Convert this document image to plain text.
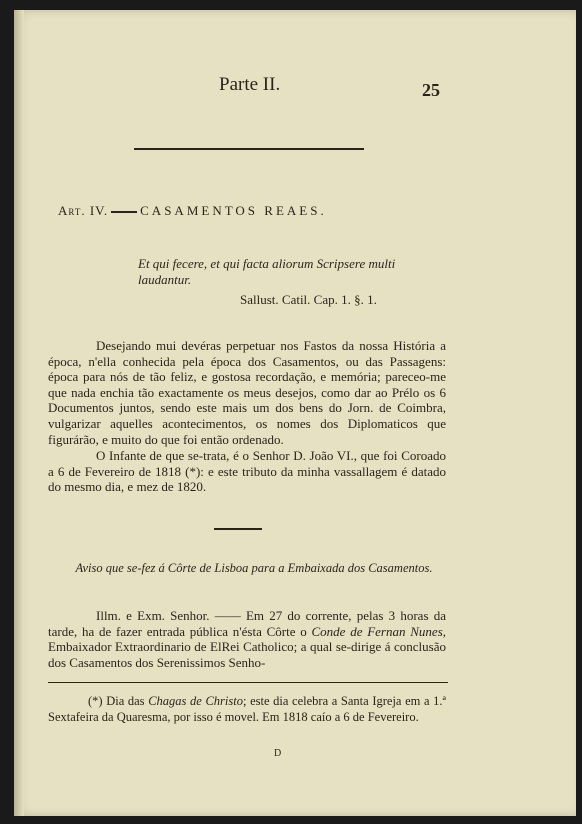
Parte II.	25
Art. IV. CASAMENTOS REAES.
Et qui fecere, et qui facta aliorum Scripsere multi laudantur.
Sallust. Catil. Cap. 1. §. 1.

Desejando mui devéras perpetuar nos Fastos da nossa História a época, n'ella conhecida pela época dos Casamentos, ou das Passagens: época para nós de tão feliz, e gostosa recordação, e memória; pareceo-me que nada enchia tão exactamente os meus desejos, como dar ao Prélo os 6 Documentos juntos, sendo este mais um dos bens do Jorn. de Coimbra, vulgarizar aquelles acontecimentos, os nomes dos Diplomaticos que figurárão, e muito do que foi então ordenado.

O Infante de que se-trata, é o Senhor D. João VI., que foi Coroado a 6 de Fevereiro de 1818 (*): e este tributo da minha vassallagem é datado do mesmo dia, e mez de 1820.

Aviso que se-fez á Côrte de Lisboa para a Embaixada dos Casamentos.

Illm. e Exm. Senhor. —— Em 27 do corrente, pelas 3 horas da tarde, ha de fazer entrada pública n'ésta Côrte o Conde de Fernan Nunes, Embaixador Extraordinario de ElRei Catholico; a qual se-dirige á conclusão dos Casamentos dos Serenissimos Senho-

(*) Dia das Chagas de Christo; este dia celebra a Santa Igreja em a 1.ª Sextafeira da Quaresma, por isso é movel. Em 1818 caío a 6 de Fevereiro.

D
